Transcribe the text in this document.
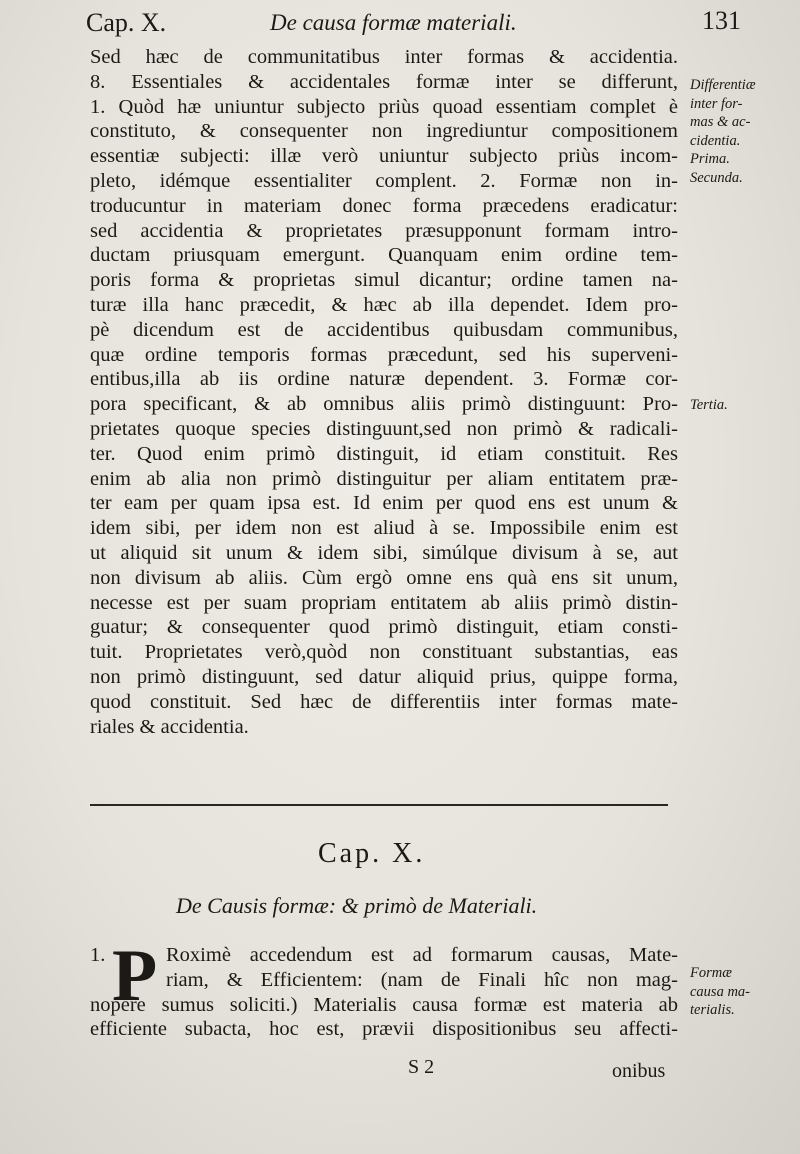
Cap. X.	De causa formæ materiali.	131
Sed hæc de communitatibus inter formas & accidentia.
8. Essentiales & accidentales formæ inter se differunt,
1. Quòd hæ uniuntur subjecto priùs quoad essentiam complet è
constituto, & consequenter non ingrediuntur compositionem
essentiæ subjecti: illæ verò uniuntur subjecto priùs incom-
pleto, idémque essentialiter complent. 2. Formæ non in-
troducuntur in materiam donec forma præcedens eradicatur:
sed accidentia & proprietates præsupponunt formam intro-
ductam priusquam emergunt. Quanquam enim ordine tem-
poris forma & proprietas simul dicantur; ordine tamen na-
turæ illa hanc præcedit, & hæc ab illa dependet. Idem pro-
pè dicendum est de accidentibus quibusdam communibus,
quæ ordine temporis formas præcedunt, sed his superveni-
entibus,illa ab iis ordine naturæ dependent. 3. Formæ cor-
pora specificant, & ab omnibus aliis primò distinguunt: Pro-
prietates quoque species distinguunt,sed non primò & radicali-
ter. Quod enim primò distinguit, id etiam constituit. Res
enim ab alia non primò distinguitur per aliam entitatem præ-
ter eam per quam ipsa est. Id enim per quod ens est unum &
idem sibi, per idem non est aliud à se. Impossibile enim est
ut aliquid sit unum & idem sibi, simúlque divisum à se, aut
non divisum ab aliis. Cùm ergò omne ens quà ens sit unum,
necesse est per suam propriam entitatem ab aliis primò distin-
guatur; & consequenter quod primò distinguit, etiam consti-
tuit. Proprietates verò,quòd non constituant substantias, eas
non primò distinguunt, sed datur aliquid prius, quippe forma,
quod constituit. Sed hæc de differentiis inter formas mate-
riales & accidentia.
Differentiæ
inter for-
mas & ac-
cidentia.
Prima.
Secunda.
Tertia.
Cap. X.
De Causis formæ: & primò de Materiali.
1. P Roximè accedendum est ad formarum causas, Mate-
riam, & Efficientem: (nam de Finali hîc non mag-
nopere sumus soliciti.) Materialis causa formæ est materia ab
efficiente subacta, hoc est, prævii dispositionibus seu affecti-
Formæ
causa ma-
terialis.
S 2	onibus
